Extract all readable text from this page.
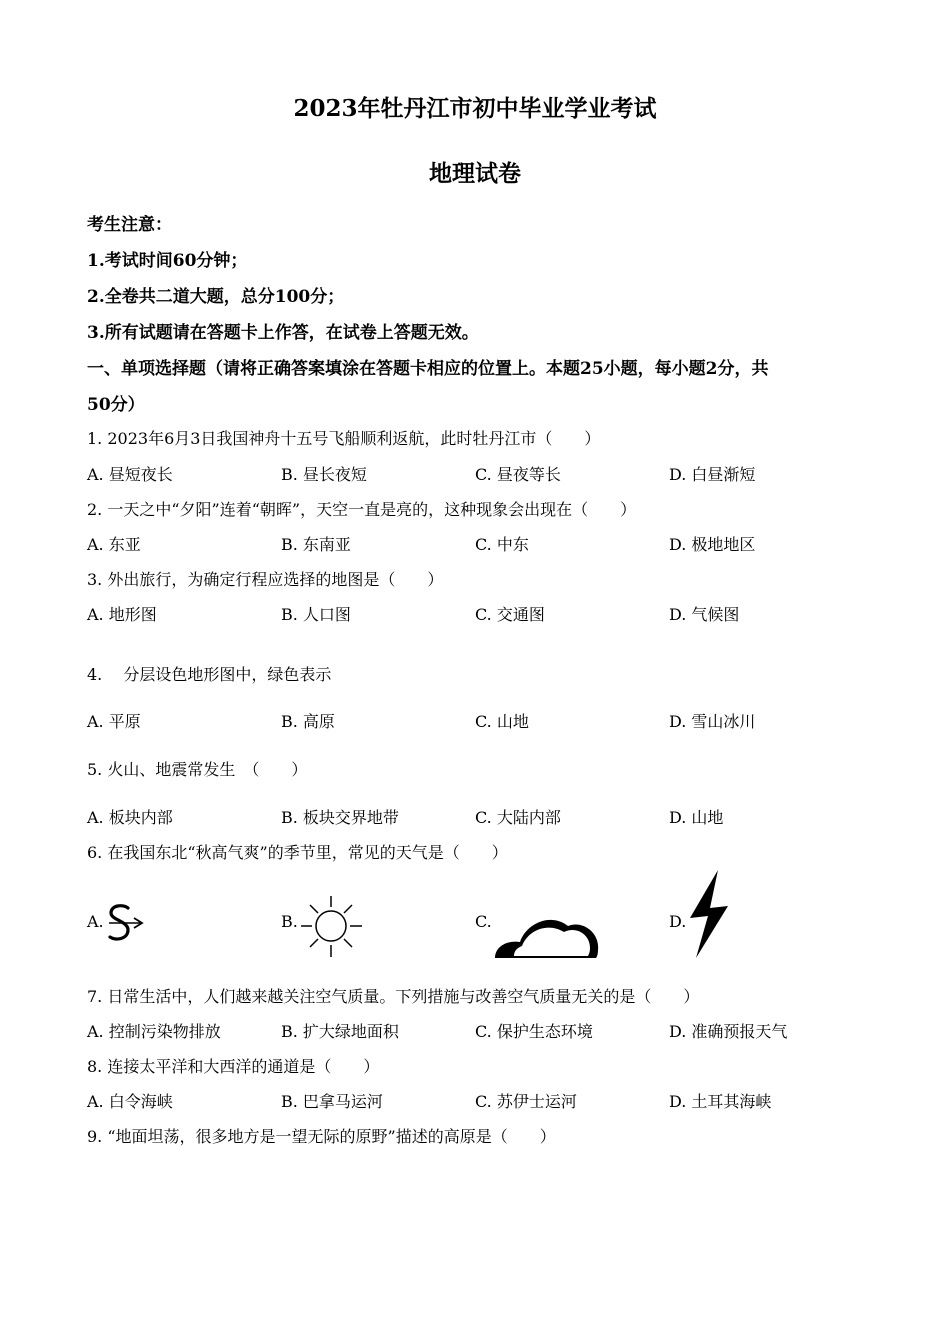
2023年牡丹江市初中毕业学业考试
地理试卷
考生注意：
1.考试时间60分钟；
2.全卷共二道大题，总分100分；
3.所有试题请在答题卡上作答，在试卷上答题无效。
一、单项选择题（请将正确答案填涂在答题卡相应的位置上。本题25小题，每小题2分，共
50分）
1. 2023年6月3日我国神舟十五号飞船顺利返航，此时牡丹江市（　　）
A. 昼短夜长	B. 昼长夜短	C. 昼夜等长	D. 白昼渐短
2. 一天之中“夕阳”连着“朝晖”，天空一直是亮的，这种现象会出现在（　　）
A. 东亚	B. 东南亚	C. 中东	D. 极地地区
3. 外出旅行，为确定行程应选择的地图是（　　）
A. 地形图	B. 人口图	C. 交通图	D. 气候图
4.　 分层设色地形图中，绿色表示
A. 平原	B. 高原	C. 山地	D. 雪山冰川
5. 火山、地震常发生　（　　）
A. 板块内部	B. 板块交界地带	C. 大陆内部	D. 山地
6. 在我国东北“秋高气爽”的季节里，常见的天气是（　　）
A.	B.	C.	D.
7. 日常生活中，人们越来越关注空气质量。下列措施与改善空气质量无关的是（　　）
A. 控制污染物排放	B. 扩大绿地面积	C. 保护生态环境	D. 准确预报天气
8. 连接太平洋和大西洋的通道是（　　）
A. 白令海峡	B. 巴拿马运河	C. 苏伊士运河	D. 土耳其海峡
9. “地面坦荡，很多地方是一望无际的原野”描述的高原是（　　）
